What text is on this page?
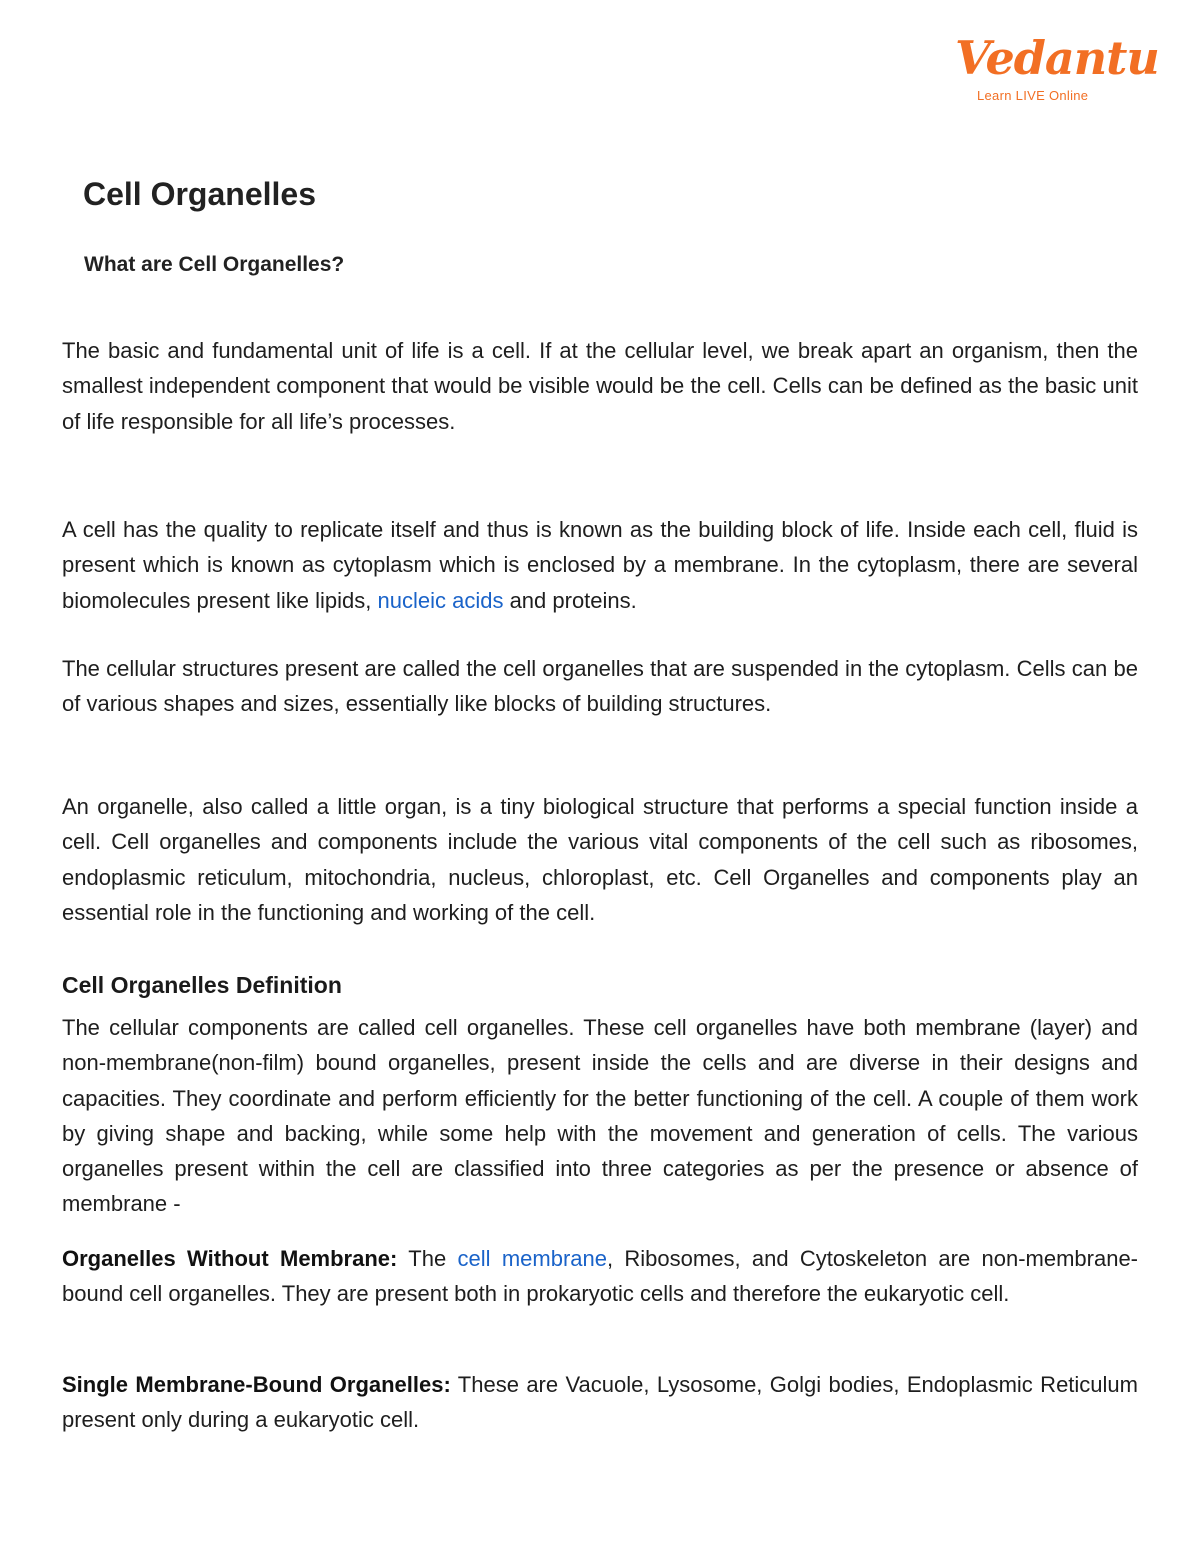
Vedantu
Learn LIVE Online
Cell Organelles
What are Cell Organelles?

The basic and fundamental unit of life is a cell. If at the cellular level, we break apart an organism, then the smallest independent component that would be visible would be the cell. Cells can be defined as the basic unit of life responsible for all life’s processes.

A cell has the quality to replicate itself and thus is known as the building block of life. Inside each cell, fluid is present which is known as cytoplasm which is enclosed by a membrane. In the cytoplasm, there are several biomolecules present like lipids, nucleic acids and proteins.

The cellular structures present are called the cell organelles that are suspended in the cytoplasm. Cells can be of various shapes and sizes, essentially like blocks of building structures.

An organelle, also called a little organ, is a tiny biological structure that performs a special function inside a cell. Cell organelles and components include the various vital components of the cell such as ribosomes, endoplasmic reticulum, mitochondria, nucleus, chloroplast, etc. Cell Organelles and components play an essential role in the functioning and working of the cell.

Cell Organelles Definition

The cellular components are called cell organelles. These cell organelles have both membrane (layer) and non-membrane(non-film) bound organelles, present inside the cells and are diverse in their designs and capacities. They coordinate and perform efficiently for the better functioning of the cell. A couple of them work by giving shape and backing, while some help with the movement and generation of cells. The various organelles present within the cell are classified into three categories as per the presence or absence of membrane -

Organelles Without Membrane: The cell membrane, Ribosomes, and Cytoskeleton are non-membrane-bound cell organelles. They are present both in prokaryotic cells and therefore the eukaryotic cell.

Single Membrane-Bound Organelles: These are Vacuole, Lysosome, Golgi bodies, Endoplasmic Reticulum present only during a eukaryotic cell.
